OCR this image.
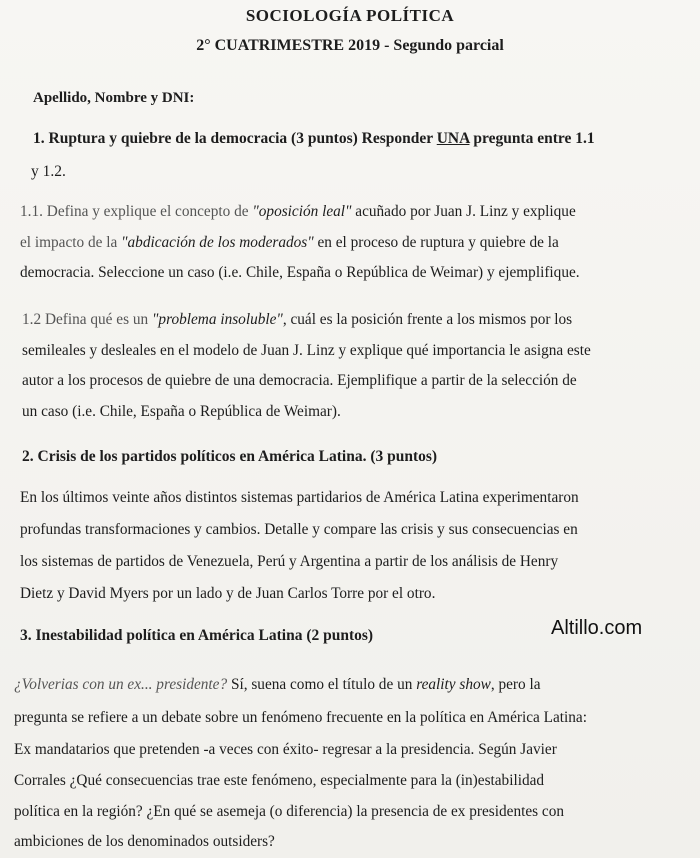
SOCIOLOGÍA POLÍTICA
2° CUATRIMESTRE 2019 - Segundo parcial
Apellido, Nombre y DNI:
1. Ruptura y quiebre de la democracia (3 puntos) Responder UNA pregunta entre 1.1
y 1.2.
1.1. Defina y explique el concepto de "oposición leal" acuñado por Juan J. Linz y explique
el impacto de la "abdicación de los moderados" en el proceso de ruptura y quiebre de la
democracia. Seleccione un caso (i.e. Chile, España o República de Weimar) y ejemplifique.
1.2 Defina qué es un "problema insoluble", cuál es la posición frente a los mismos por los
semileales y desleales en el modelo de Juan J. Linz y explique qué importancia le asigna este
autor a los procesos de quiebre de una democracia. Ejemplifique a partir de la selección de
un caso (i.e. Chile, España o República de Weimar).
2. Crisis de los partidos políticos en América Latina. (3 puntos)
En los últimos veinte años distintos sistemas partidarios de América Latina experimentaron
profundas transformaciones y cambios. Detalle y compare las crisis y sus consecuencias en
los sistemas de partidos de Venezuela, Perú y Argentina a partir de los análisis de Henry
Dietz y David Myers por un lado y de Juan Carlos Torre por el otro.
3. Inestabilidad política en América Latina (2 puntos)	Altillo.com
¿Volverias con un ex... presidente? Sí, suena como el título de un reality show, pero la
pregunta se refiere a un debate sobre un fenómeno frecuente en la política en América Latina:
Ex mandatarios que pretenden -a veces con éxito- regresar a la presidencia. Según Javier
Corrales ¿Qué consecuencias trae este fenómeno, especialmente para la (in)estabilidad
política en la región? ¿En qué se asemeja (o diferencia) la presencia de ex presidentes con
ambiciones de los denominados outsiders?
